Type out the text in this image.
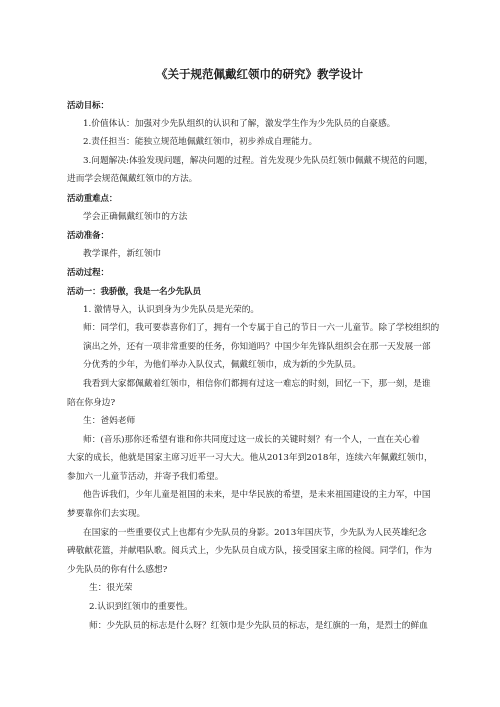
《关于规范佩戴红领巾的研究》教学设计
活动目标：
1.价值体认：加强对少先队组织的认识和了解，激发学生作为少先队员的自豪感。
2.责任担当：能独立规范地佩戴红领巾，初步养成自理能力。
3.问题解决:体验发现问题，解决问题的过程。首先发现少先队员红领巾佩戴不规范的问题，
进而学会规范佩戴红领巾的方法。
活动重难点：
学会正确佩戴红领巾的方法
活动准备：
教学课件，新红领巾
活动过程：
活动一：我骄傲，我是一名少先队员
1. 激情导入，认识到身为少先队员是光荣的。
师：同学们，我可要恭喜你们了，拥有一个专属于自己的节日一六一儿童节。除了学校组织的
演出之外，还有一项非常重要的任务，你知道吗？中国少年先锋队组织会在那一天发展一部
分优秀的少年，为他们举办入队仪式，佩戴红领巾，成为新的少先队员。
我看到大家都佩戴着红领巾，相信你们都拥有过这一难忘的时刻，回忆一下，那一刻，是谁
陪在你身边?
生：爸妈老师
师：(音乐)那你还希望有谁和你共同度过这一成长的关键时刻？有一个人，一直在关心着
大家的成长，他就是国家主席习近平一习大大。他从2013年到2018年，连续六年佩戴红领巾，
参加六一儿童节活动，并寄予我们希望。
他告诉我们，少年儿童是祖国的未来，是中华民族的希望，是未来祖国建设的主力军，中国
梦要靠你们去实现。
在国家的一些重要仪式上也都有少先队员的身影。2013年国庆节，少先队为人民英雄纪念
碑敬献花篮，并献唱队歌。阅兵式上，少先队员自成方队，接受国家主席的检阅。同学们，作为
少先队员的你有什么感想?
生：很光荣
2.认识到红领巾的重要性。
师：少先队员的标志是什么呀？红领巾是少先队员的标志，是红旗的一角，是烈士的鲜血
